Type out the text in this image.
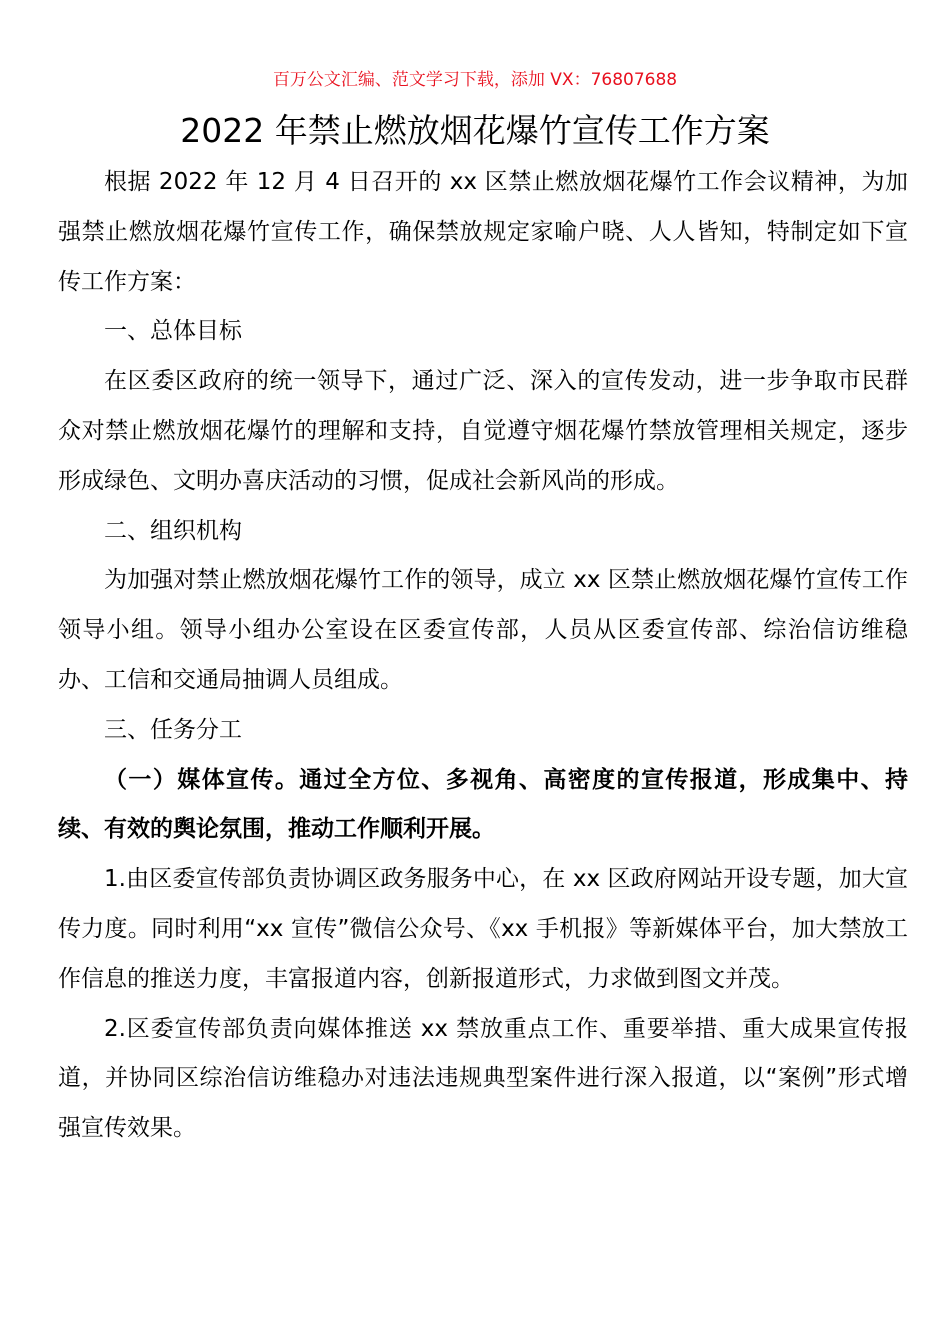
百万公文汇编、范文学习下载，添加 VX：76807688
2022 年禁止燃放烟花爆竹宣传工作方案

根据 2022 年 12 月 4 日召开的 xx 区禁止燃放烟花爆竹工作会议精神，为加强禁止燃放烟花爆竹宣传工作，确保禁放规定家喻户晓、人人皆知，特制定如下宣传工作方案：

一、总体目标

在区委区政府的统一领导下，通过广泛、深入的宣传发动，进一步争取市民群众对禁止燃放烟花爆竹的理解和支持，自觉遵守烟花爆竹禁放管理相关规定，逐步形成绿色、文明办喜庆活动的习惯，促成社会新风尚的形成。

二、组织机构

为加强对禁止燃放烟花爆竹工作的领导，成立 xx 区禁止燃放烟花爆竹宣传工作领导小组。领导小组办公室设在区委宣传部，人员从区委宣传部、综治信访维稳办、工信和交通局抽调人员组成。

三、任务分工

（一）媒体宣传。通过全方位、多视角、高密度的宣传报道，形成集中、持续、有效的舆论氛围，推动工作顺利开展。

1.由区委宣传部负责协调区政务服务中心，在 xx 区政府网站开设专题，加大宣传力度。同时利用“xx 宣传”微信公众号、《xx 手机报》等新媒体平台，加大禁放工作信息的推送力度，丰富报道内容，创新报道形式，力求做到图文并茂。

2.区委宣传部负责向媒体推送 xx 禁放重点工作、重要举措、重大成果宣传报道，并协同区综治信访维稳办对违法违规典型案件进行深入报道，以“案例”形式增强宣传效果。
